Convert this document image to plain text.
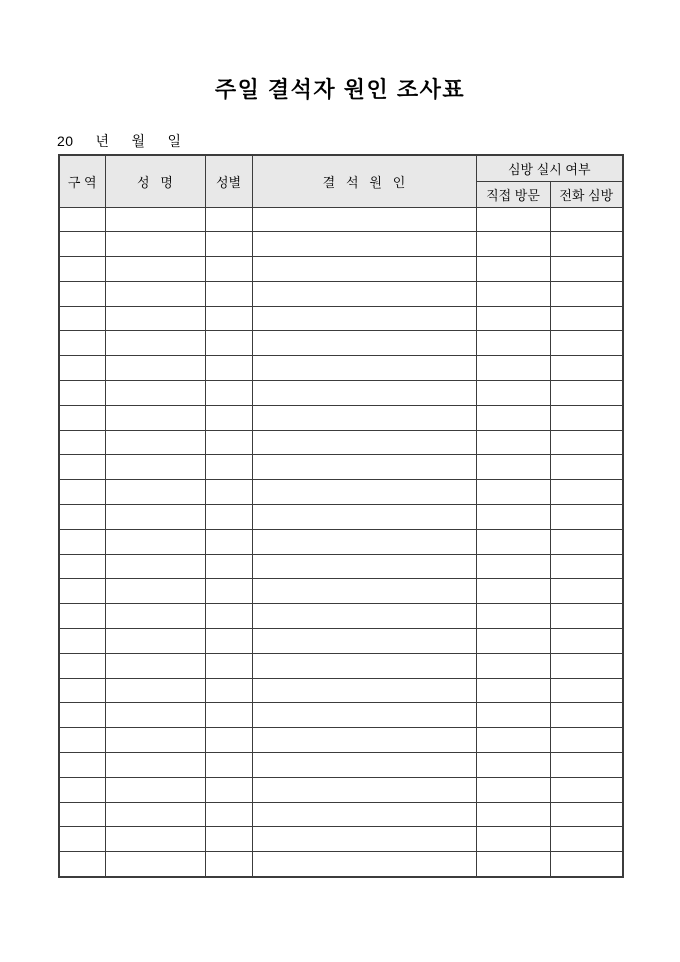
주일 결석자 원인 조사표
20     년     월     일
구 역	성   명	성별	결   석   원   인	심방 실시 여부	
				직접 방문	전화 심방
